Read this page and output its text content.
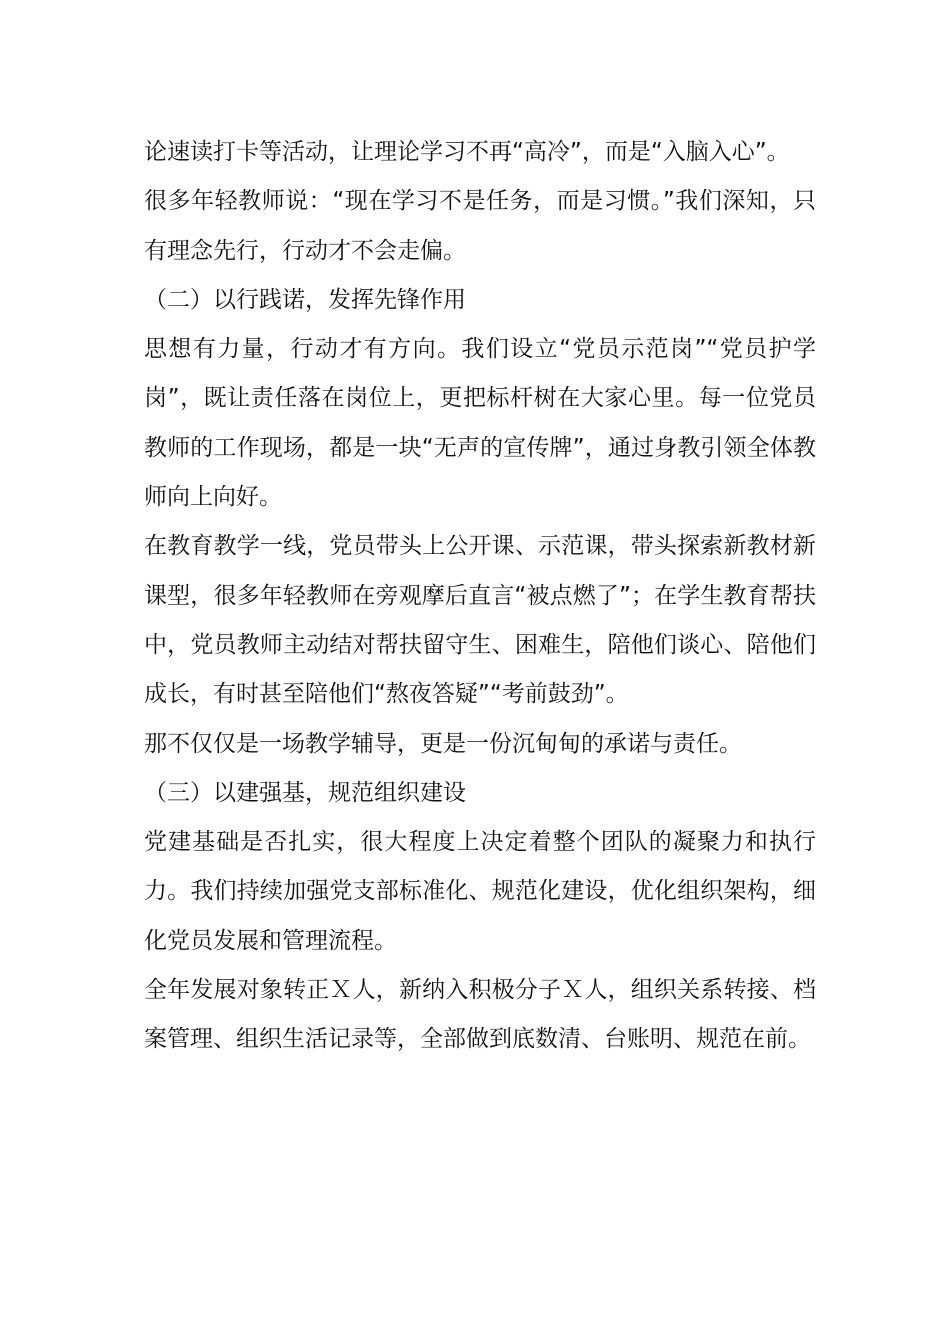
论速读打卡等活动，让理论学习不再“高冷”，而是“入脑入心”。

很多年轻教师说：“现在学习不是任务，而是习惯。”我们深知，只有理念先行，行动才不会走偏。

（二）以行践诺，发挥先锋作用

思想有力量，行动才有方向。我们设立“党员示范岗”“党员护学岗”，既让责任落在岗位上，更把标杆树在大家心里。每一位党员教师的工作现场，都是一块“无声的宣传牌”，通过身教引领全体教师向上向好。

在教育教学一线，党员带头上公开课、示范课，带头探索新教材新课型，很多年轻教师在旁观摩后直言“被点燃了”；在学生教育帮扶中，党员教师主动结对帮扶留守生、困难生，陪他们谈心、陪他们成长，有时甚至陪他们“熬夜答疑”“考前鼓劲”。

那不仅仅是一场教学辅导，更是一份沉甸甸的承诺与责任。

（三）以建强基，规范组织建设

党建基础是否扎实，很大程度上决定着整个团队的凝聚力和执行力。我们持续加强党支部标准化、规范化建设，优化组织架构，细化党员发展和管理流程。

全年发展对象转正Ｘ人，新纳入积极分子Ｘ人，组织关系转接、档案管理、组织生活记录等，全部做到底数清、台账明、规范在前。
